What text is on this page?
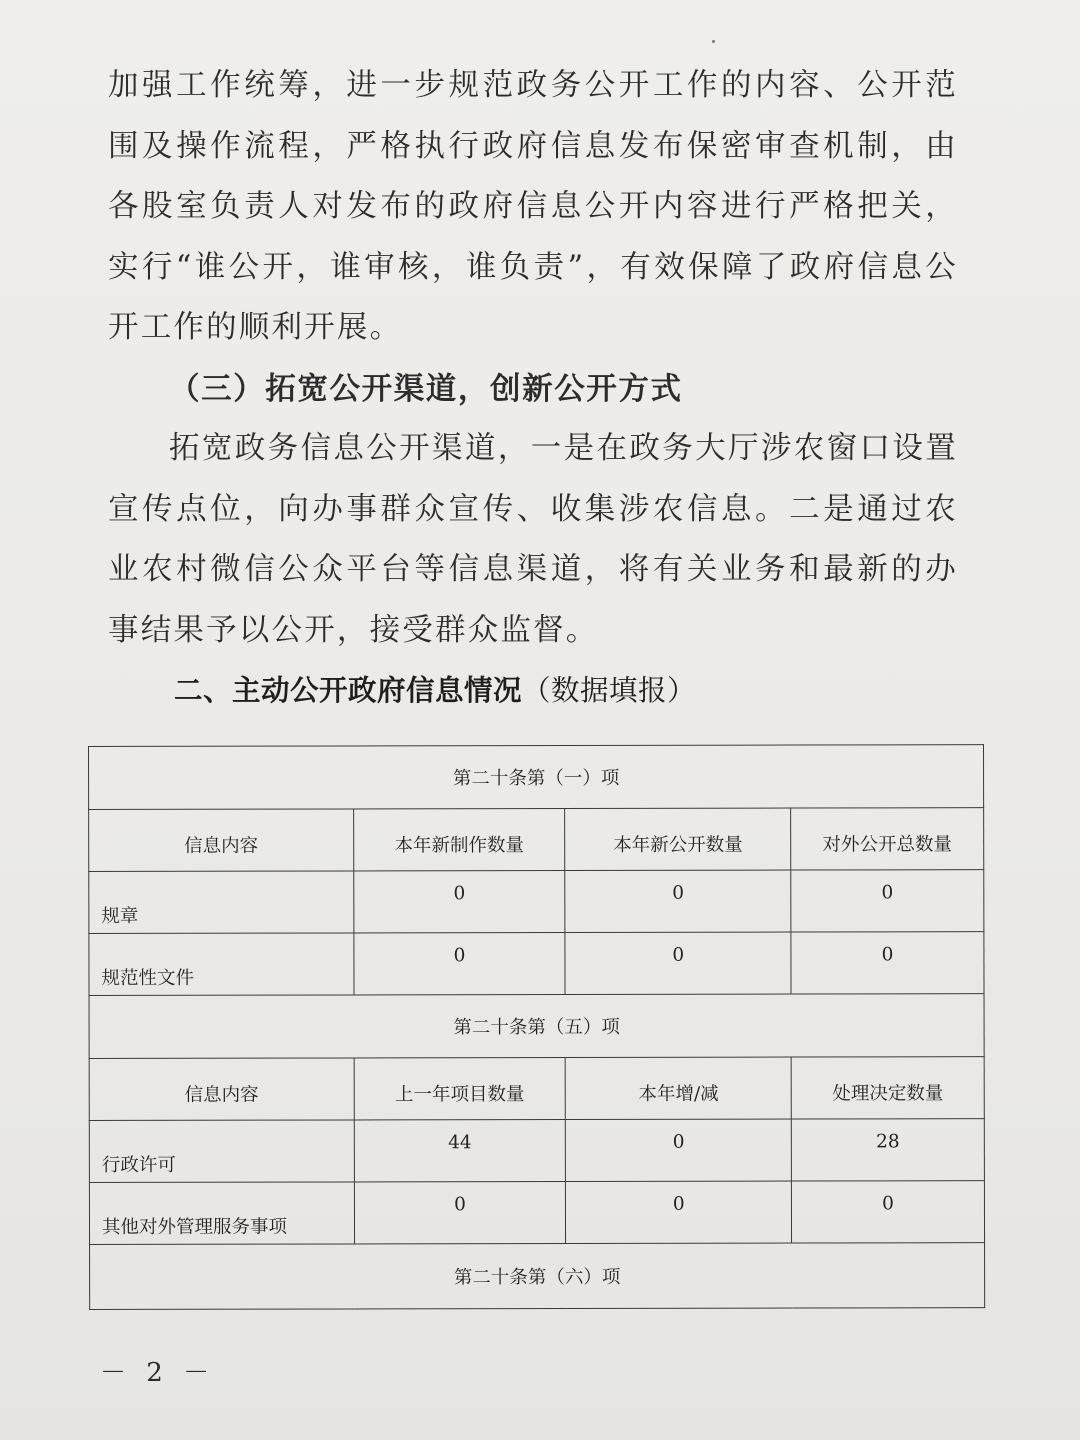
加强工作统筹，进一步规范政务公开工作的内容、公开范围及操作流程，严格执行政府信息发布保密审查机制，由各股室负责人对发布的政府信息公开内容进行严格把关，实行“谁公开，谁审核，谁负责”，有效保障了政府信息公开工作的顺利开展。

（三）拓宽公开渠道，创新公开方式

拓宽政务信息公开渠道，一是在政务大厅涉农窗口设置宣传点位，向办事群众宣传、收集涉农信息。二是通过农业农村微信公众平台等信息渠道，将有关业务和最新的办事结果予以公开，接受群众监督。

二、主动公开政府信息情况（数据填报）
第二十条第（一）项			
信息内容	本年新制作数量	本年新公开数量	对外公开总数量
规章	0	0	0
规范性文件	0	0	0
第二十条第（五）项			
信息内容	上一年项目数量	本年增/减	处理决定数量
行政许可	44	0	28
其他对外管理服务事项	0	0	0
第二十条第（六）项			
－ 2 －
